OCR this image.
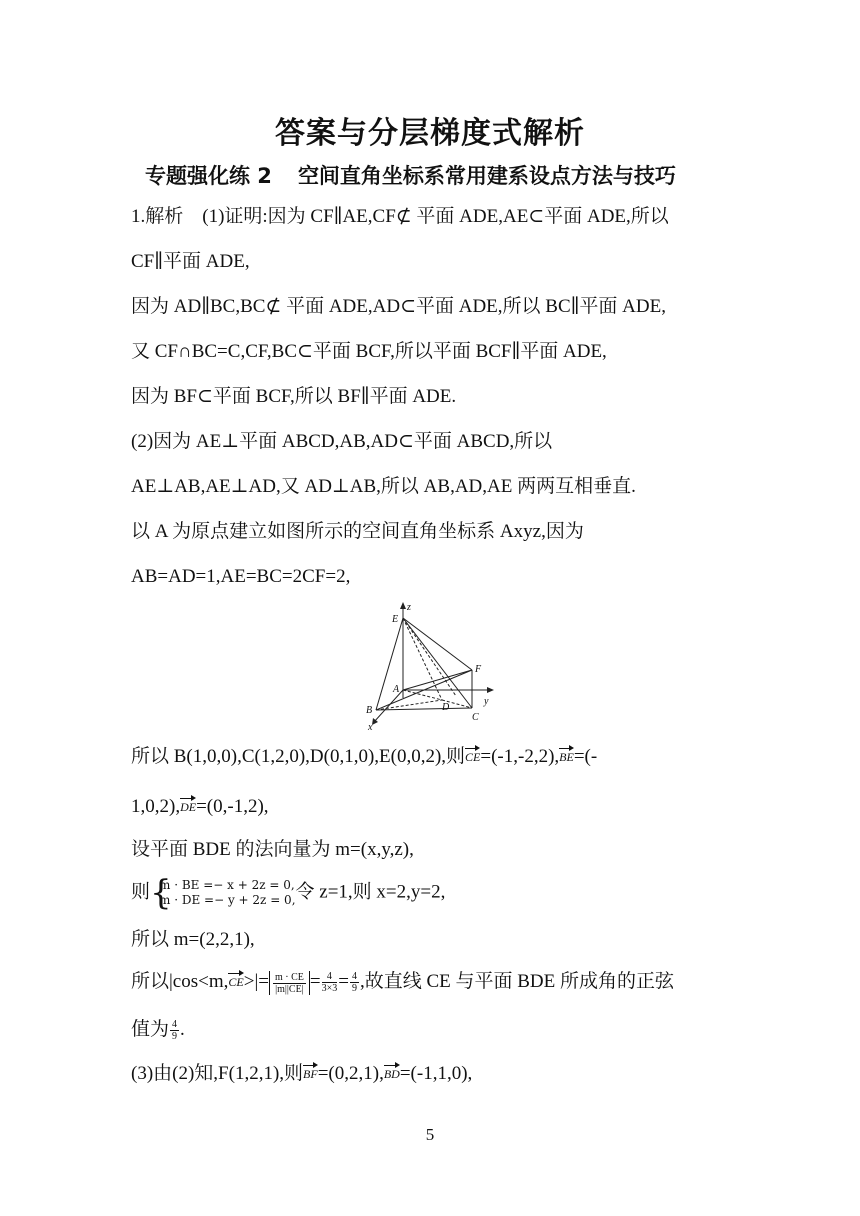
答案与分层梯度式解析
专题强化练 2 空间直角坐标系常用建系设点方法与技巧
1.解析　(1)证明:因为 CF∥AE,CF⊄ 平面 ADE,AE⊂平面 ADE,所以
CF∥平面 ADE,
因为 AD∥BC,BC⊄ 平面 ADE,AD⊂平面 ADE,所以 BC∥平面 ADE,
又 CF∩BC=C,CF,BC⊂平面 BCF,所以平面 BCF∥平面 ADE,
因为 BF⊂平面 BCF,所以 BF∥平面 ADE.
(2)因为 AE⊥平面 ABCD,AB,AD⊂平面 ABCD,所以
AE⊥AB,AE⊥AD,又 AD⊥AB,所以 AB,AD,AE 两两互相垂直.
以 A 为原点建立如图所示的空间直角坐标系 Axyz,因为
AB=AD=1,AE=BC=2CF=2,
z
E
F
A
D
y
B
C
x
所以 B(1,0,0),C(1,2,0),D(0,1,0),E(0,0,2),则CE=(-1,-2,2),BE=(-
1,0,2),DE=(0,-1,2),
设平面 BDE 的法向量为 m=(x,y,z),
则 {
m · BE =− x + 2z = 0,
m · DE =− y + 2z = 0, 令 z=1,则 x=2,y=2,
所以 m=(2,2,1),
所以$|\cos<m,CE>|= \frac{m \cdot CE}{|m||CE|} = \frac{4}{3\times 3} = \frac{4}{9}$ ,故直线 CE 与平面 BDE 所成角的正弦
值为 $\frac{4}{9}$ .
(3)由(2)知,F(1,2,1),则BF=(0,2,1),BD=(-1,1,0),
5
